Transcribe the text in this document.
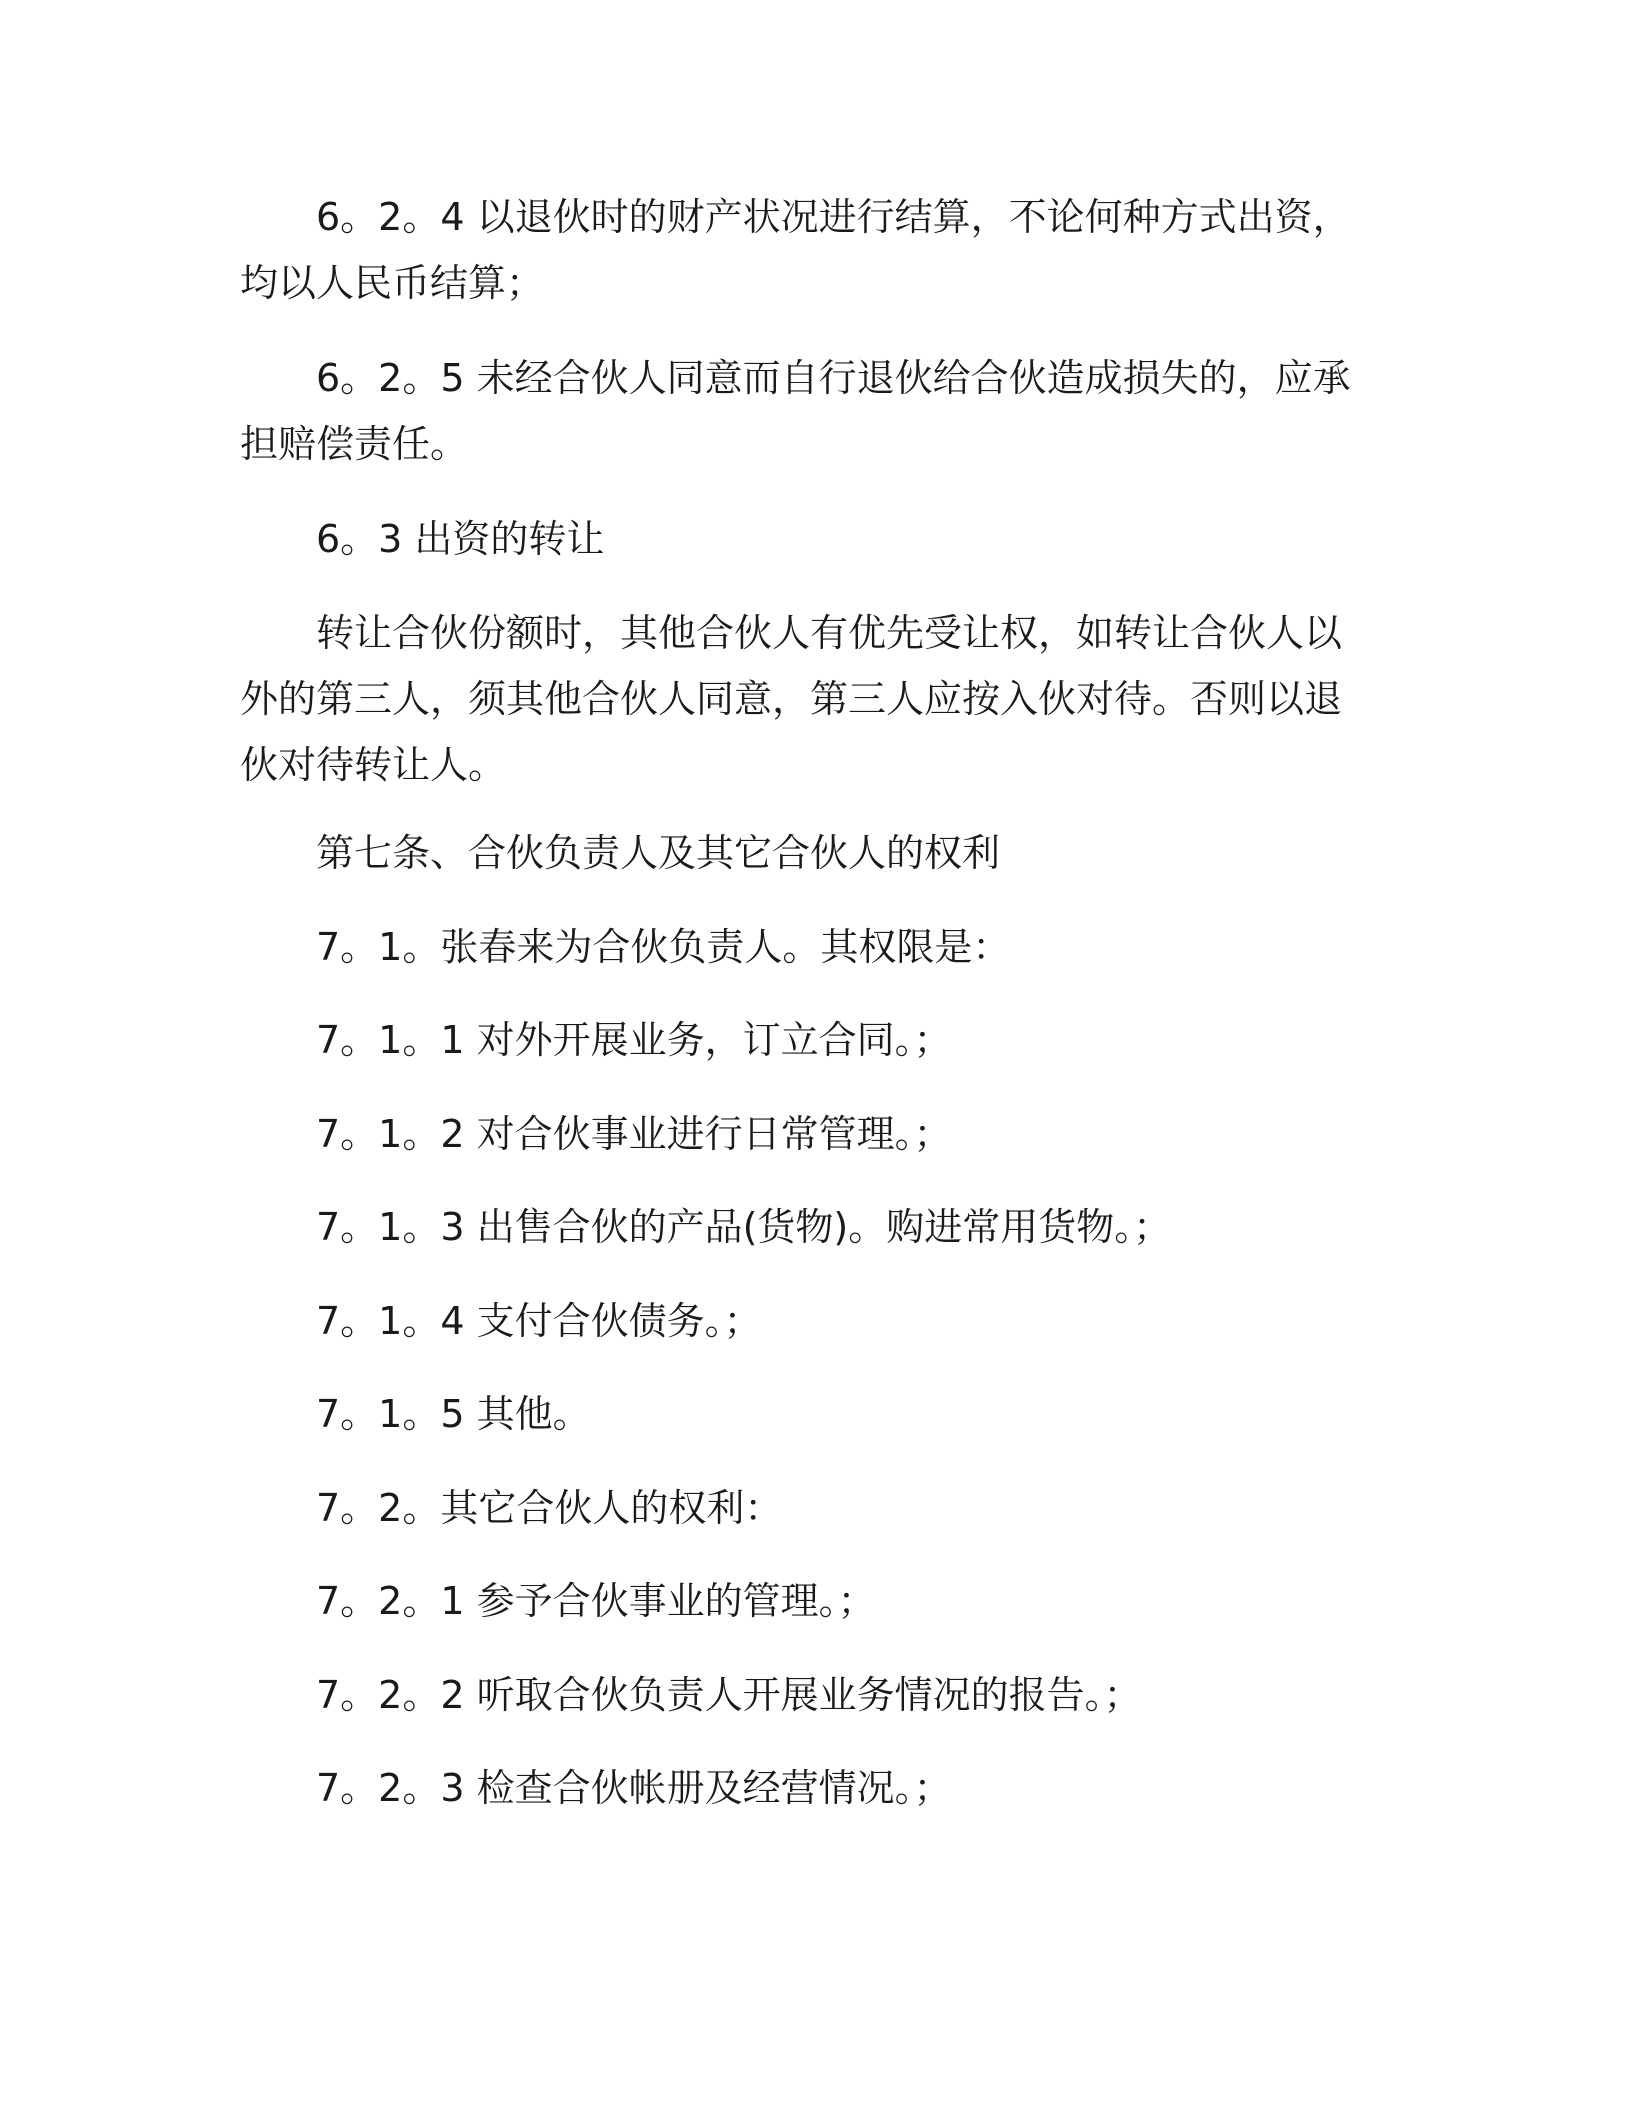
6。2。4 以退伙时的财产状况进行结算，不论何种方式出资，均以人民币结算；

6。2。5 未经合伙人同意而自行退伙给合伙造成损失的，应承担赔偿责任。

6。3 出资的转让

转让合伙份额时，其他合伙人有优先受让权，如转让合伙人以外的第三人，须其他合伙人同意，第三人应按入伙对待。否则以退伙对待转让人。

第七条、合伙负责人及其它合伙人的权利

7。1。张春来为合伙负责人。其权限是：

7。1。1 对外开展业务，订立合同。；

7。1。2 对合伙事业进行日常管理。；

7。1。3 出售合伙的产品(货物)。购进常用货物。；

7。1。4 支付合伙债务。；

7。1。5 其他。

7。2。其它合伙人的权利：

7。2。1 参予合伙事业的管理。；

7。2。2 听取合伙负责人开展业务情况的报告。；

7。2。3 检查合伙帐册及经营情况。；
